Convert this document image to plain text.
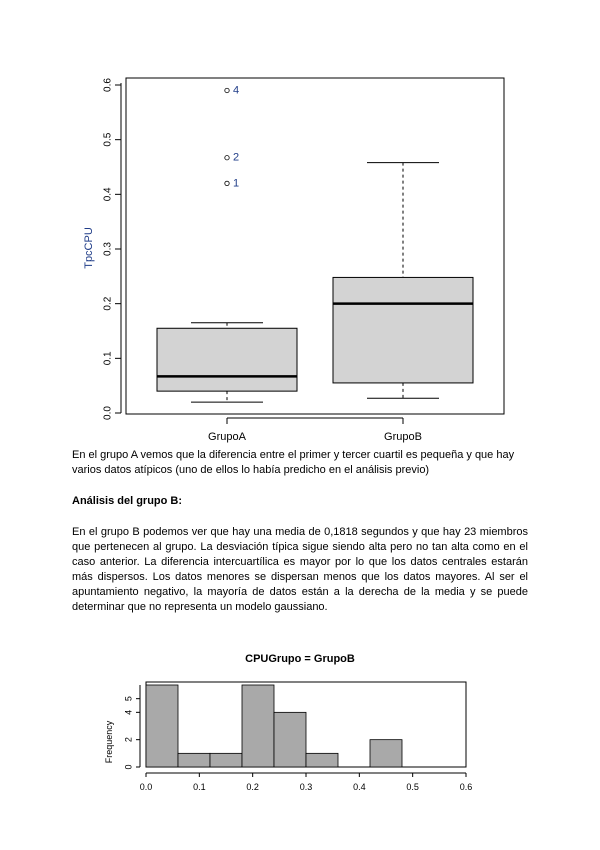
0.0
0.1
0.2
0.3
0.4
0.5
0.6
TpcCPU
1
2
4
GrupoA	GrupoB

En el grupo A vemos que la diferencia entre el primer y tercer cuartil es pequeña y que hay varios datos atípicos (uno de ellos lo había predicho en el análisis previo)

Análisis del grupo B:

En el grupo B podemos ver que hay una media de 0,1818 segundos y que hay 23 miembros que pertenecen al grupo. La desviación típica sigue siendo alta pero no tan alta como en el caso anterior. La diferencia intercuartílica es mayor por lo que los datos centrales estarán más dispersos. Los datos menores se dispersan menos que los datos mayores. Al ser el apuntamiento negativo, la mayoría de datos están a la derecha de la media y se puede determinar que no representa un modelo gaussiano.

CPUGrupo = GrupoB
Frequency
0
2
4
5
0.0	0.1	0.2	0.3	0.4	0.5	0.6
